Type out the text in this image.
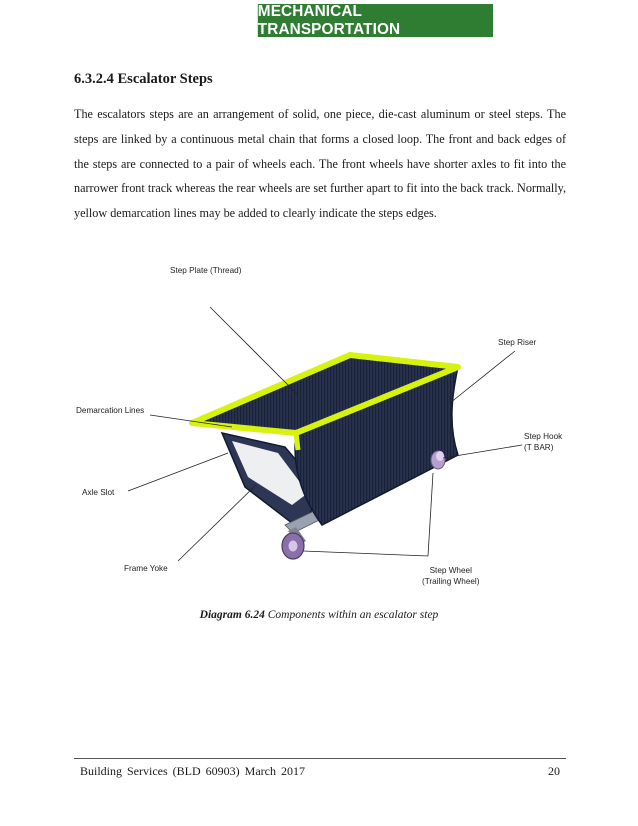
MECHANICAL TRANSPORTATION
6.3.2.4 Escalator Steps

The escalators steps are an arrangement of solid, one piece, die-cast aluminum or steel steps. The steps are linked by a continuous metal chain that forms a closed loop. The front and back edges of the steps are connected to a pair of wheels each. The front wheels have shorter axles to fit into the narrower front track whereas the rear wheels are set further apart to fit into the back track. Normally, yellow demarcation lines may be added to clearly indicate the steps edges.

Step Plate (Thread)
Step Riser
Demarcation Lines
Step Hook
(T BAR)
Axle Slot
Frame Yoke	Step Wheel
(Trailing Wheel)
Diagram 6.24 Components within an escalator step
Building Services (BLD 60903) March 2017	20
